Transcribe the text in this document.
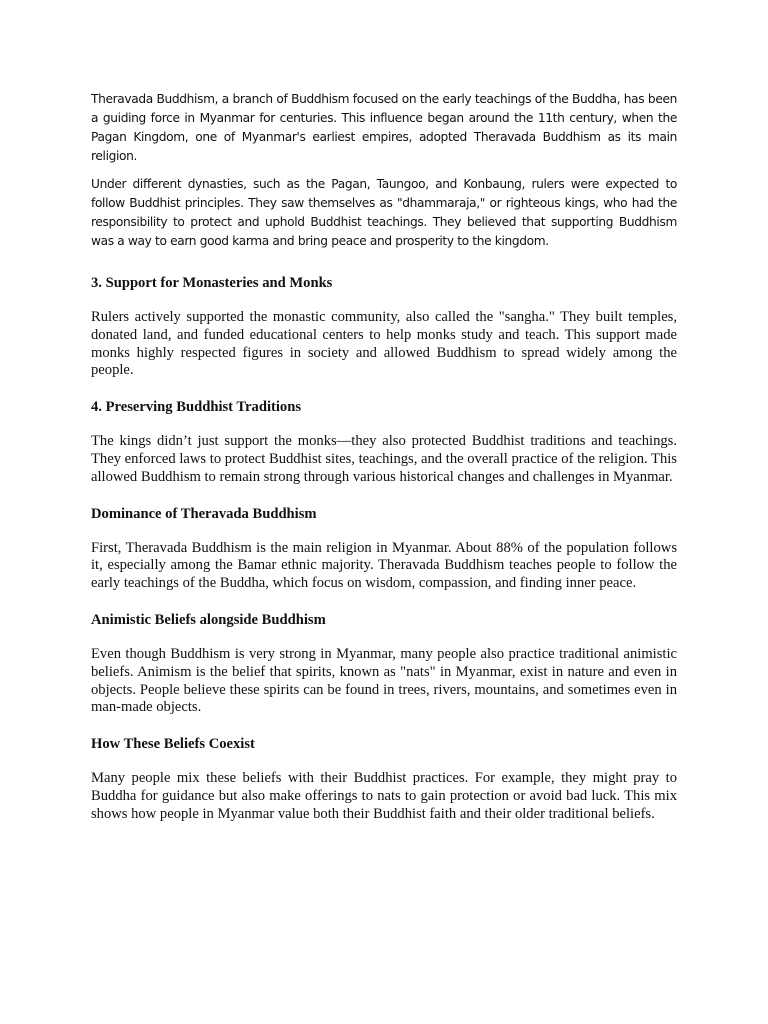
Theravada Buddhism, a branch of Buddhism focused on the early teachings of the Buddha, has been a guiding force in Myanmar for centuries. This influence began around the 11th century, when the Pagan Kingdom, one of Myanmar's earliest empires, adopted Theravada Buddhism as its main religion.

Under different dynasties, such as the Pagan, Taungoo, and Konbaung, rulers were expected to follow Buddhist principles. They saw themselves as "dhammaraja," or righteous kings, who had the responsibility to protect and uphold Buddhist teachings. They believed that supporting Buddhism was a way to earn good karma and bring peace and prosperity to the kingdom.

3. Support for Monasteries and Monks

Rulers actively supported the monastic community, also called the "sangha." They built temples, donated land, and funded educational centers to help monks study and teach. This support made monks highly respected figures in society and allowed Buddhism to spread widely among the people.

4. Preserving Buddhist Traditions

The kings didn’t just support the monks—they also protected Buddhist traditions and teachings. They enforced laws to protect Buddhist sites, teachings, and the overall practice of the religion. This allowed Buddhism to remain strong through various historical changes and challenges in Myanmar.

Dominance of Theravada Buddhism

First, Theravada Buddhism is the main religion in Myanmar. About 88% of the population follows it, especially among the Bamar ethnic majority. Theravada Buddhism teaches people to follow the early teachings of the Buddha, which focus on wisdom, compassion, and finding inner peace.

Animistic Beliefs alongside Buddhism

Even though Buddhism is very strong in Myanmar, many people also practice traditional animistic beliefs. Animism is the belief that spirits, known as "nats" in Myanmar, exist in nature and even in objects. People believe these spirits can be found in trees, rivers, mountains, and sometimes even in man-made objects.

How These Beliefs Coexist

Many people mix these beliefs with their Buddhist practices. For example, they might pray to Buddha for guidance but also make offerings to nats to gain protection or avoid bad luck. This mix shows how people in Myanmar value both their Buddhist faith and their older traditional beliefs.
